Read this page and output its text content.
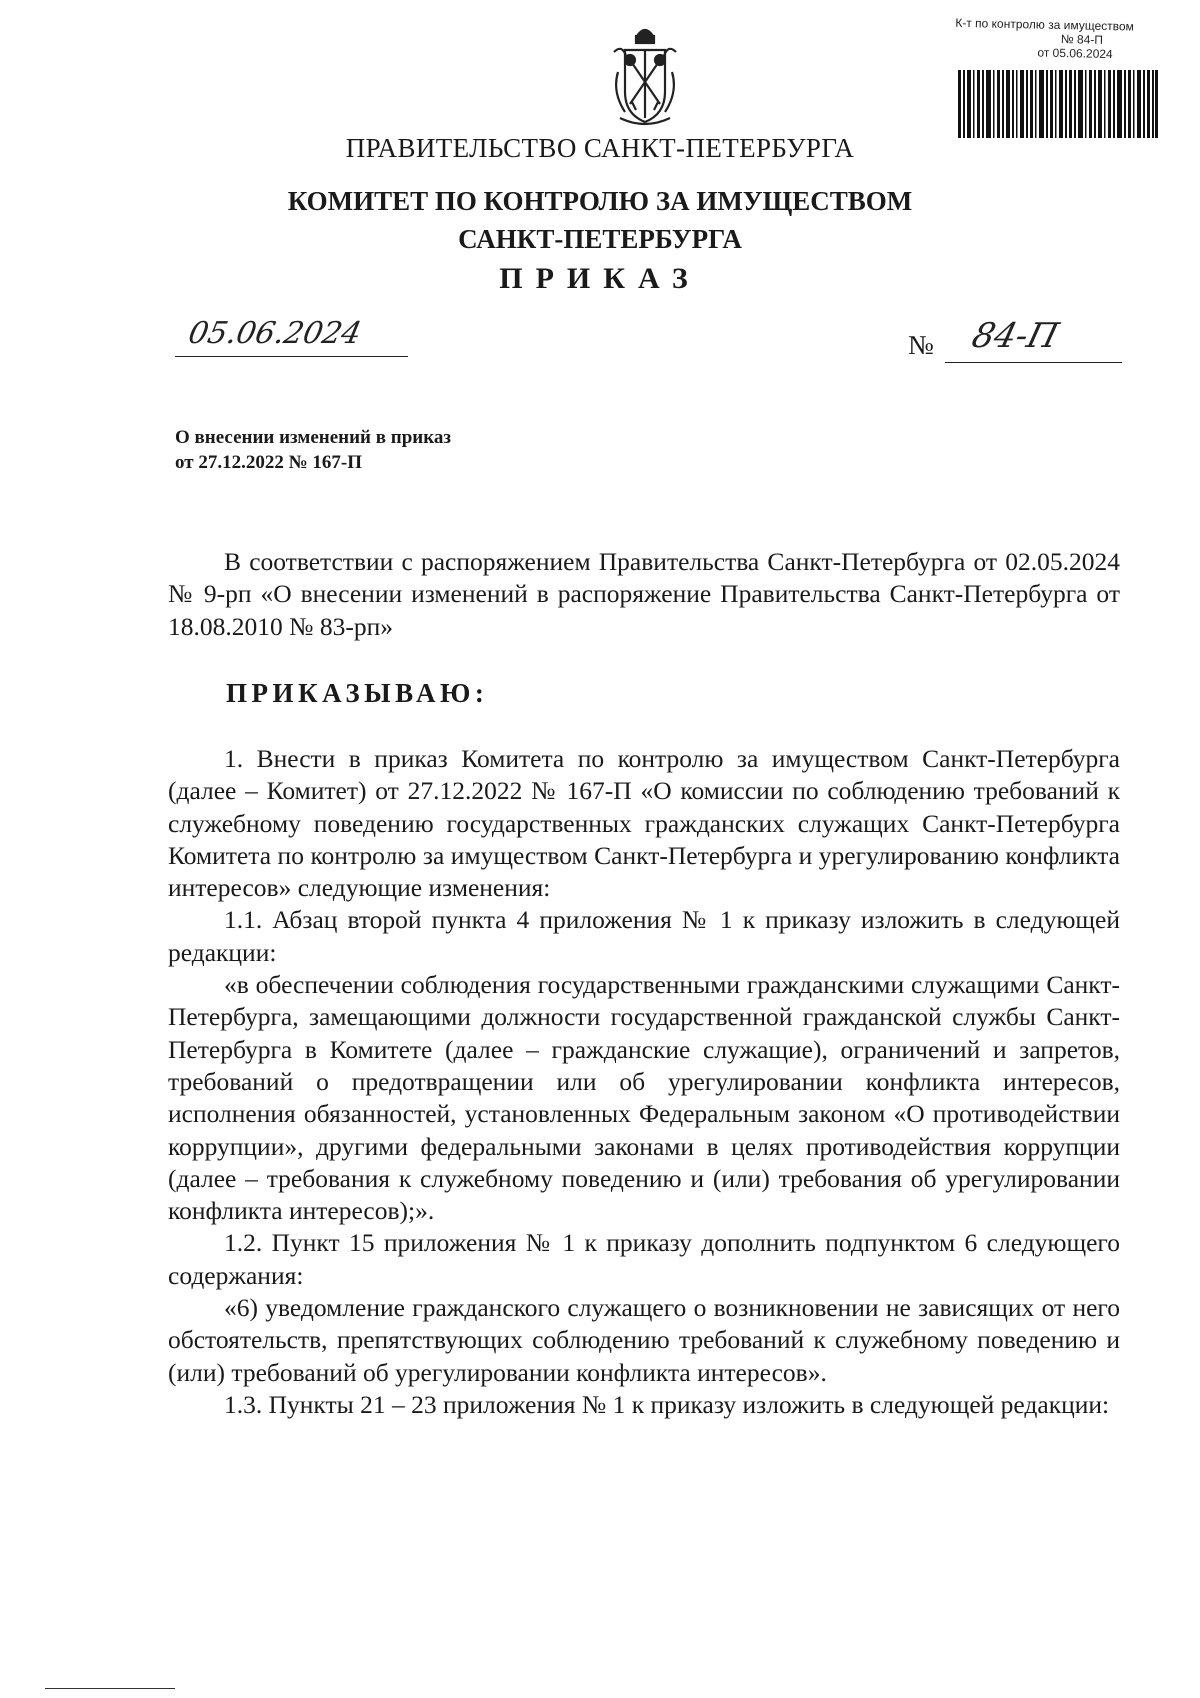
К-т по контролю за имуществом
№ 84-П
от 05.06.2024
ПРАВИТЕЛЬСТВО САНКТ-ПЕТЕРБУРГА
КОМИТЕТ ПО КОНТРОЛЮ ЗА ИМУЩЕСТВОМ
САНКТ-ПЕТЕРБУРГА
ПРИКАЗ
05.06.2024	№ 84-П
О внесении изменений в приказ
от 27.12.2022 № 167-П

В соответствии с распоряжением Правительства Санкт-Петербурга от 02.05.2024 № 9-рп «О внесении изменений в распоряжение Правительства Санкт-Петербурга от 18.08.2010 № 83-рп»

ПРИКАЗЫВАЮ:

1. Внести в приказ Комитета по контролю за имуществом Санкт-Петербурга (далее – Комитет) от 27.12.2022 № 167-П «О комиссии по соблюдению требований к служебному поведению государственных гражданских служащих Санкт-Петербурга Комитета по контролю за имуществом Санкт-Петербурга и урегулированию конфликта интересов» следующие изменения:

1.1. Абзац второй пункта 4 приложения № 1 к приказу изложить в следующей редакции:

«в обеспечении соблюдения государственными гражданскими служащими Санкт-Петербурга, замещающими должности государственной гражданской службы Санкт-Петербурга в Комитете (далее – гражданские служащие), ограничений и запретов, требований о предотвращении или об урегулировании конфликта интересов, исполнения обязанностей, установленных Федеральным законом «О противодействии коррупции», другими федеральными законами в целях противодействия коррупции (далее – требования к служебному поведению и (или) требования об урегулировании конфликта интересов);».

1.2. Пункт 15 приложения № 1 к приказу дополнить подпунктом 6 следующего содержания:

«6) уведомление гражданского служащего о возникновении не зависящих от него обстоятельств, препятствующих соблюдению требований к служебному поведению и (или) требований об урегулировании конфликта интересов».

1.3. Пункты 21 – 23 приложения № 1 к приказу изложить в следующей редакции:
